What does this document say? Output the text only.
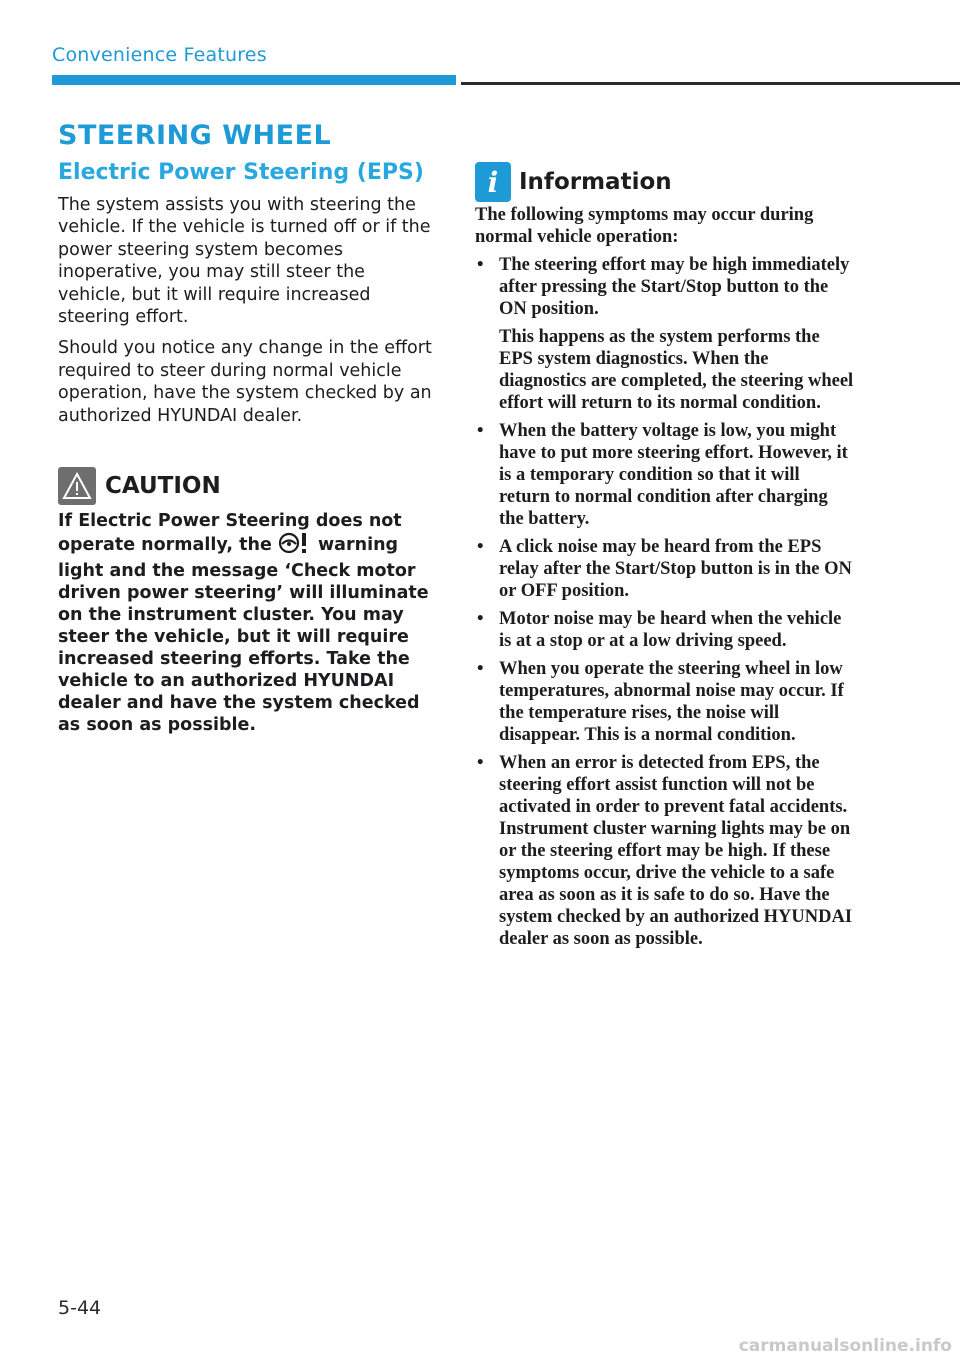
Convenience Features
STEERING WHEEL
Electric Power Steering (EPS)

The system assists you with steering the vehicle. If the vehicle is turned off or if the power steering system becomes inoperative, you may still steer the vehicle, but it will require increased steering effort.

Should you notice any change in the effort required to steer during normal vehicle operation, have the system checked by an authorized HYUNDAI dealer.

CAUTION
If Electric Power Steering does not operate normally, the  warning light and the message ‘Check motor driven power steering’ will illuminate on the instrument cluster. You may steer the vehicle, but it will require increased steering efforts. Take the vehicle to an authorized HYUNDAI dealer and have the system checked as soon as possible.
i Information
The following symptoms may occur during normal vehicle operation:
• The steering effort may be high immediately after pressing the Start/Stop button to the ON position.

This happens as the system performs the EPS system diagnostics. When the diagnostics are completed, the steering wheel effort will return to its normal condition.

• When the battery voltage is low, you might have to put more steering effort. However, it is a temporary condition so that it will return to normal condition after charging the battery.

• A click noise may be heard from the EPS relay after the Start/Stop button is in the ON or OFF position.

• Motor noise may be heard when the vehicle is at a stop or at a low driving speed.

• When you operate the steering wheel in low temperatures, abnormal noise may occur. If the temperature rises, the noise will disappear. This is a normal condition.

• When an error is detected from EPS, the steering effort assist function will not be activated in order to prevent fatal accidents. Instrument cluster warning lights may be on or the steering effort may be high. If these symptoms occur, drive the vehicle to a safe area as soon as it is safe to do so. Have the system checked by an authorized HYUNDAI dealer as soon as possible.

5-44
carmanualsonline.info
